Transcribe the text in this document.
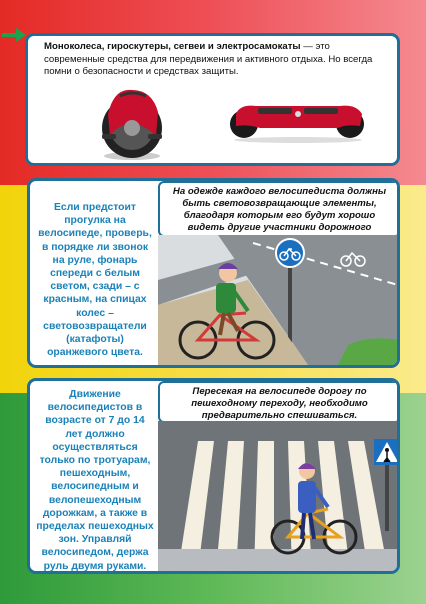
Моноколеса, гироскутеры, сегвеи и электросамокаты — это современные средства для передвижения и активного отдыха. Но всегда помни о безопасности и средствах защиты.

Если предстоит прогулка на велосипеде, проверь, в порядке ли звонок на руле, фонарь спереди с белым светом, сзади – с красным, на спицах колес – световозвращатели (катафоты) оранжевого цвета.

На одежде каждого велосипедиста должны быть световозвращающие элементы, благодаря которым его будут хорошо видеть другие участники дорожного

Движение велосипедистов в возрасте от 7 до 14 лет должно осуществляться только по тротуарам, пешеходным, велосипедным и велопешеходным дорожкам, а также в пределах пешеходных зон. Управляй велосипедом, держа руль двумя руками.

Пересекая на велосипеде дорогу по пешеходному переходу, необходимо предварительно спешиваться.
